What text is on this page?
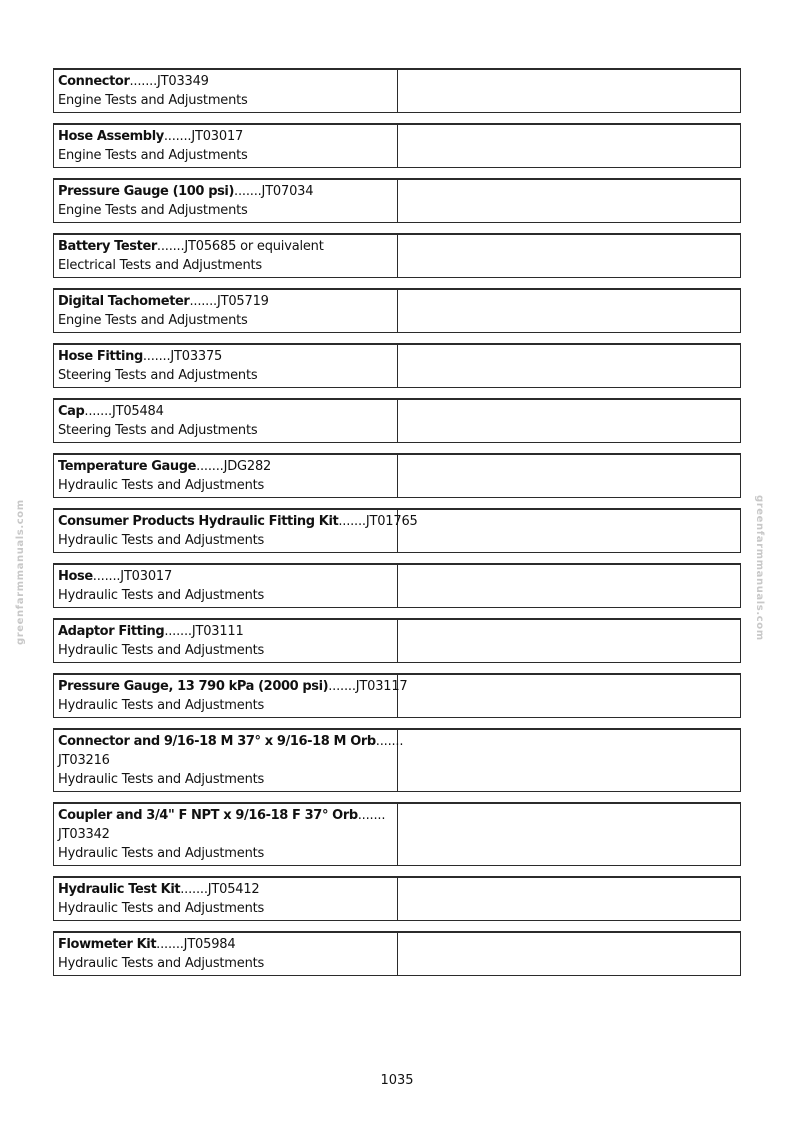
greenfarmmanuals.com	greenfarmmanuals.com
Connector.......JT03349
Engine Tests and Adjustments
Hose Assembly.......JT03017
Engine Tests and Adjustments
Pressure Gauge (100 psi).......JT07034
Engine Tests and Adjustments
Battery Tester.......JT05685 or equivalent
Electrical Tests and Adjustments
Digital Tachometer.......JT05719
Engine Tests and Adjustments
Hose Fitting.......JT03375
Steering Tests and Adjustments
Cap.......JT05484
Steering Tests and Adjustments
Temperature Gauge.......JDG282
Hydraulic Tests and Adjustments
Consumer Products Hydraulic Fitting Kit.......JT01765
Hydraulic Tests and Adjustments
Hose.......JT03017
Hydraulic Tests and Adjustments
Adaptor Fitting.......JT03111
Hydraulic Tests and Adjustments
Pressure Gauge, 13 790 kPa (2000 psi).......JT03117
Hydraulic Tests and Adjustments
Connector and 9/16-18 M 37° x 9/16-18 M Orb.......
JT03216
Hydraulic Tests and Adjustments
Coupler and 3/4" F NPT x 9/16-18 F 37° Orb.......
JT03342
Hydraulic Tests and Adjustments
Hydraulic Test Kit.......JT05412
Hydraulic Tests and Adjustments
Flowmeter Kit.......JT05984
Hydraulic Tests and Adjustments
1035
